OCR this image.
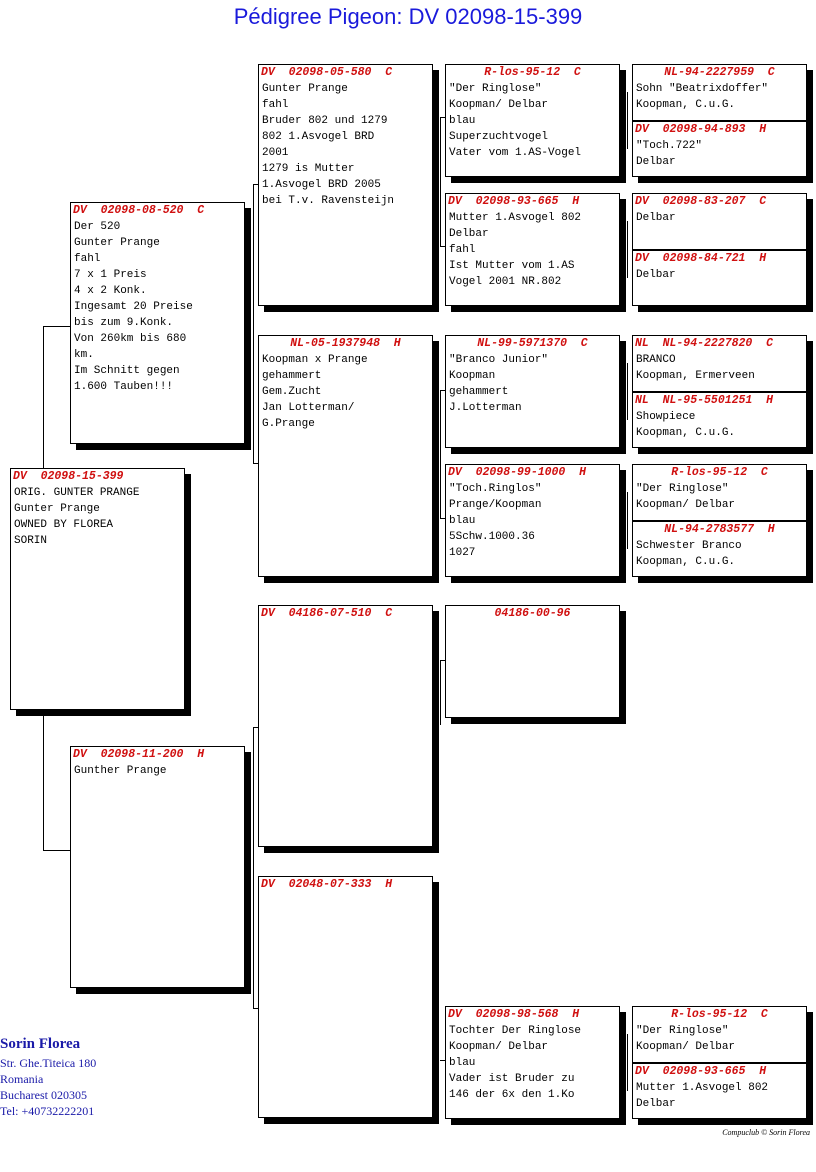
Pédigree Pigeon: DV 02098-15-399
DV  02098-15-399
ORIG. GUNTER PRANGE
Gunter Prange
OWNED BY FLOREA
SORIN
DV  02098-08-520  C
Der 520
Gunter Prange
fahl
7 x 1 Preis
4 x 2 Konk.
Ingesamt 20 Preise
bis zum 9.Konk.
Von 260km bis 680
km.
Im Schnitt gegen
1.600 Tauben!!!
DV  02098-11-200  H
Gunther Prange
DV  02098-05-580  C
Gunter Prange
fahl
Bruder 802 und 1279
802 1.Asvogel BRD
2001
1279 is Mutter
1.Asvogel BRD 2005
bei T.v. Ravensteijn
NL-05-1937948  H
Koopman x Prange
gehammert
Gem.Zucht
Jan Lotterman/
G.Prange
DV  04186-07-510  C
DV  02048-07-333  H
R-los-95-12  C
"Der Ringlose"
Koopman/ Delbar
blau
Superzuchtvogel
Vater vom 1.AS-Vogel
DV  02098-93-665  H
Mutter 1.Asvogel 802
Delbar
fahl
Ist Mutter vom 1.AS
Vogel 2001 NR.802
NL-99-5971370  C
"Branco Junior"
Koopman
gehammert
J.Lotterman
DV  02098-99-1000  H
"Toch.Ringlos"
Prange/Koopman
blau
5Schw.1000.36
1027
04186-00-96
DV  02098-98-568  H
Tochter Der Ringlose
Koopman/ Delbar
blau
Vader ist Bruder zu
146 der 6x den 1.Ko
NL-94-2227959  C
Sohn "Beatrixdoffer"
Koopman, C.u.G.
DV  02098-94-893  H
"Toch.722"
Delbar
DV  02098-83-207  C
Delbar
DV  02098-84-721  H
Delbar
NL  NL-94-2227820  C
BRANCO
Koopman, Ermerveen
NL  NL-95-5501251  H
Showpiece
Koopman, C.u.G.
R-los-95-12  C
"Der Ringlose"
Koopman/ Delbar
NL-94-2783577  H
Schwester Branco
Koopman, C.u.G.
R-los-95-12  C
"Der Ringlose"
Koopman/ Delbar
DV  02098-93-665  H
Mutter 1.Asvogel 802
Delbar
Sorin Florea
Str. Ghe.Titeica 180
Romania
Bucharest 020305
Tel: +40732222201
Compuclub © Sorin Florea
